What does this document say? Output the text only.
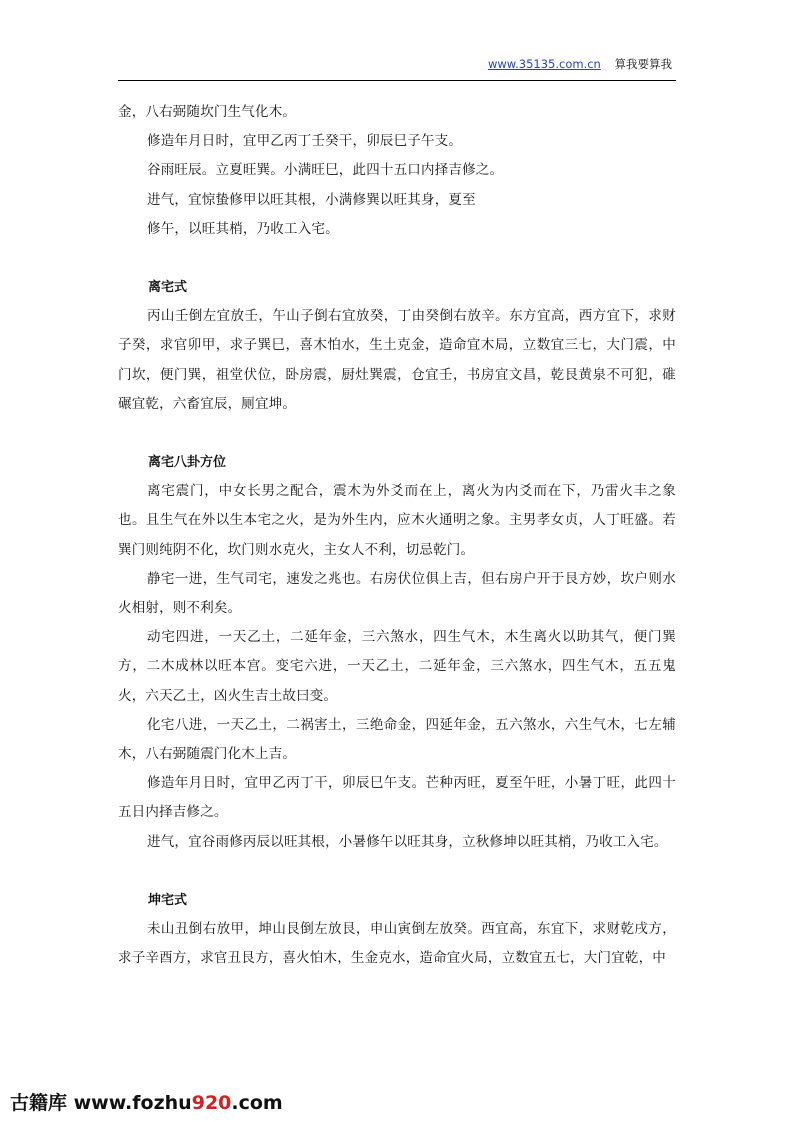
www.35135.com.cn 算我要算我

金，八右弼随坎门生气化木。

修造年月日时，宜甲乙丙丁壬癸干，卯辰巳子午支。

谷雨旺辰。立夏旺巽。小满旺巳，此四十五口内择吉修之。

进气，宜惊蛰修甲以旺其根，小满修巽以旺其身，夏至

修午，以旺其梢，乃收工入宅。

离宅式

丙山壬倒左宜放壬，午山子倒右宜放癸，丁由癸倒右放辛。东方宜高，西方宜下，求财子癸，求官卯甲，求子巽巳，喜木怕水，生土克金，造命宜木局，立数宜三七，大门震，中门坎，便门巽，祖堂伏位，卧房震，厨灶巽震，仓宜壬，书房宜文昌，乾艮黄泉不可犯，碓碾宜乾，六畜宜辰，厕宜坤。

离宅八卦方位

离宅震门，中女长男之配合，震木为外爻而在上，离火为内爻而在下，乃雷火丰之象也。且生气在外以生本宅之火，是为外生内，应木火通明之象。主男孝女贞，人丁旺盛。若巽门则纯阴不化，坎门则水克火，主女人不利，切忌乾门。

静宅一进，生气司宅，速发之兆也。右房伏位俱上吉，但右房户开于艮方妙，坎户则水火相射，则不利矣。

动宅四进，一天乙土，二延年金，三六煞水，四生气木，木生离火以助其气，便门巽方，二木成林以旺本宫。变宅六进，一天乙土，二延年金，三六煞水，四生气木，五五鬼火，六天乙土，凶火生吉土故曰变。

化宅八进，一天乙土，二祸害土，三绝命金，四延年金，五六煞水，六生气木，七左辅木，八右弼随震门化木上吉。

修造年月日时，宜甲乙丙丁干，卯辰巳午支。芒种丙旺，夏至午旺，小暑丁旺，此四十五日内择吉修之。

进气，宜谷雨修丙辰以旺其根，小暑修午以旺其身，立秋修坤以旺其梢，乃收工入宅。

坤宅式

未山丑倒右放甲，坤山艮倒左放艮，申山寅倒左放癸。西宜高，东宜下，求财乾戌方，求子辛酉方，求官丑艮方，喜火怕木，生金克水，造命宜火局，立数宜五七，大门宜乾，中

古籍库 www.fozhu920.com
